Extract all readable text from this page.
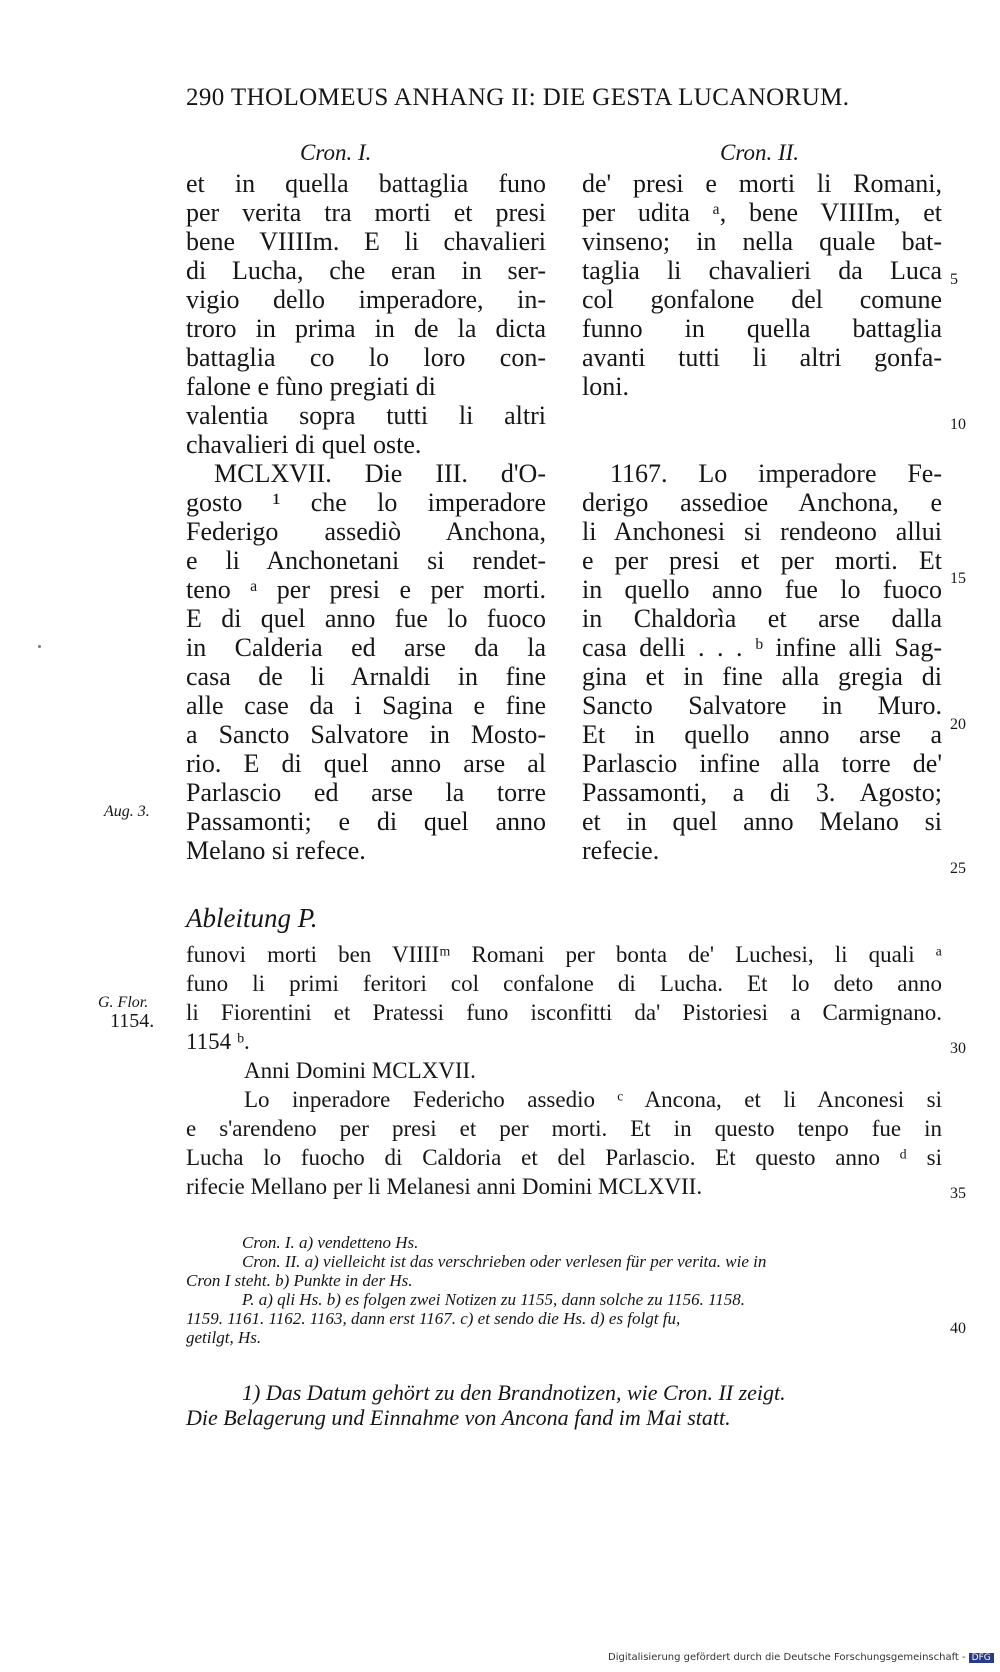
290 THOLOMEUS ANHANG II: DIE GESTA LUCANORUM.
Cron. I.	Cron. II.
et in quella battaglia funo
per verita tra morti et presi
bene VIIIIm. E li chavalieri
di Lucha, che eran in ser-
vigio dello imperadore, in-
troro in prima in de la dicta
battaglia co lo loro con-
falone e fùno pregiati di
valentia sopra tutti li altri
chavalieri di quel oste.
MCLXVII. Die III. d'O-
gosto ¹ che lo imperadore
Federigo assediò Anchona,
e li Anchonetani si rendet-
teno ᵃ per presi e per morti.
E di quel anno fue lo fuoco
in Calderia ed arse da la
casa de li Arnaldi in fine
alle case da i Sagina e fine
a Sancto Salvatore in Mosto-
rio. E di quel anno arse al
Parlascio ed arse la torre
Passamonti; e di quel anno
Melano si refece.
de' presi e morti li Romani,
per udita ᵃ, bene VIIIIm, et
vinseno; in nella quale bat-
taglia li chavalieri da Luca
col gonfalone del comune
funno in quella battaglia
avanti tutti li altri gonfa-
loni.

1167. Lo imperadore Fe-
derigo assedioe Anchona, e
li Anchonesi si rendeono allui
e per presi et per morti. Et
in quello anno fue lo fuoco
in Chaldorìa et arse dalla
casa delli . . . ᵇ infine alli Sag-
gina et in fine alla gregia di
Sancto Salvatore in Muro.
Et in quello anno arse a
Parlascio infine alla torre de'
Passamonti, a di 3. Agosto;
et in quel anno Melano si
refecie.
5
10
15
20
25
30
35
40
Aug. 3.
G. Flor.
1154.
Ableitung P.
funovi morti ben VIIIIᵐ Romani per bonta de' Luchesi, li quali ᵃ
funo li primi feritori col confalone di Lucha. Et lo deto anno
li Fiorentini et Pratessi funo isconfitti da' Pistoriesi a Carmignano.
1154 ᵇ.
Anni Domini MCLXVII.
Lo inperadore Federicho assedio ᶜ Ancona, et li Anconesi si
e s'arendeno per presi et per morti. Et in questo tenpo fue in
Lucha lo fuocho di Caldoria et del Parlascio. Et questo anno ᵈ si
rifecie Mellano per li Melanesi anni Domini MCLXVII.
Cron. I. a) vendetteno Hs.
Cron. II. a) vielleicht ist das verschrieben oder verlesen für per verita. wie in
Cron I steht. b) Punkte in der Hs.
P. a) qli Hs. b) es folgen zwei Notizen zu 1155, dann solche zu 1156. 1158.
1159. 1161. 1162. 1163, dann erst 1167. c) et sendo die Hs. d) es folgt fu,
getilgt, Hs.
1) Das Datum gehört zu den Brandnotizen, wie Cron. II zeigt.
Die Belagerung und Einnahme von Ancona fand im Mai statt.
Digitalisierung gefördert durch die Deutsche Forschungsgemeinschaft - DFG
